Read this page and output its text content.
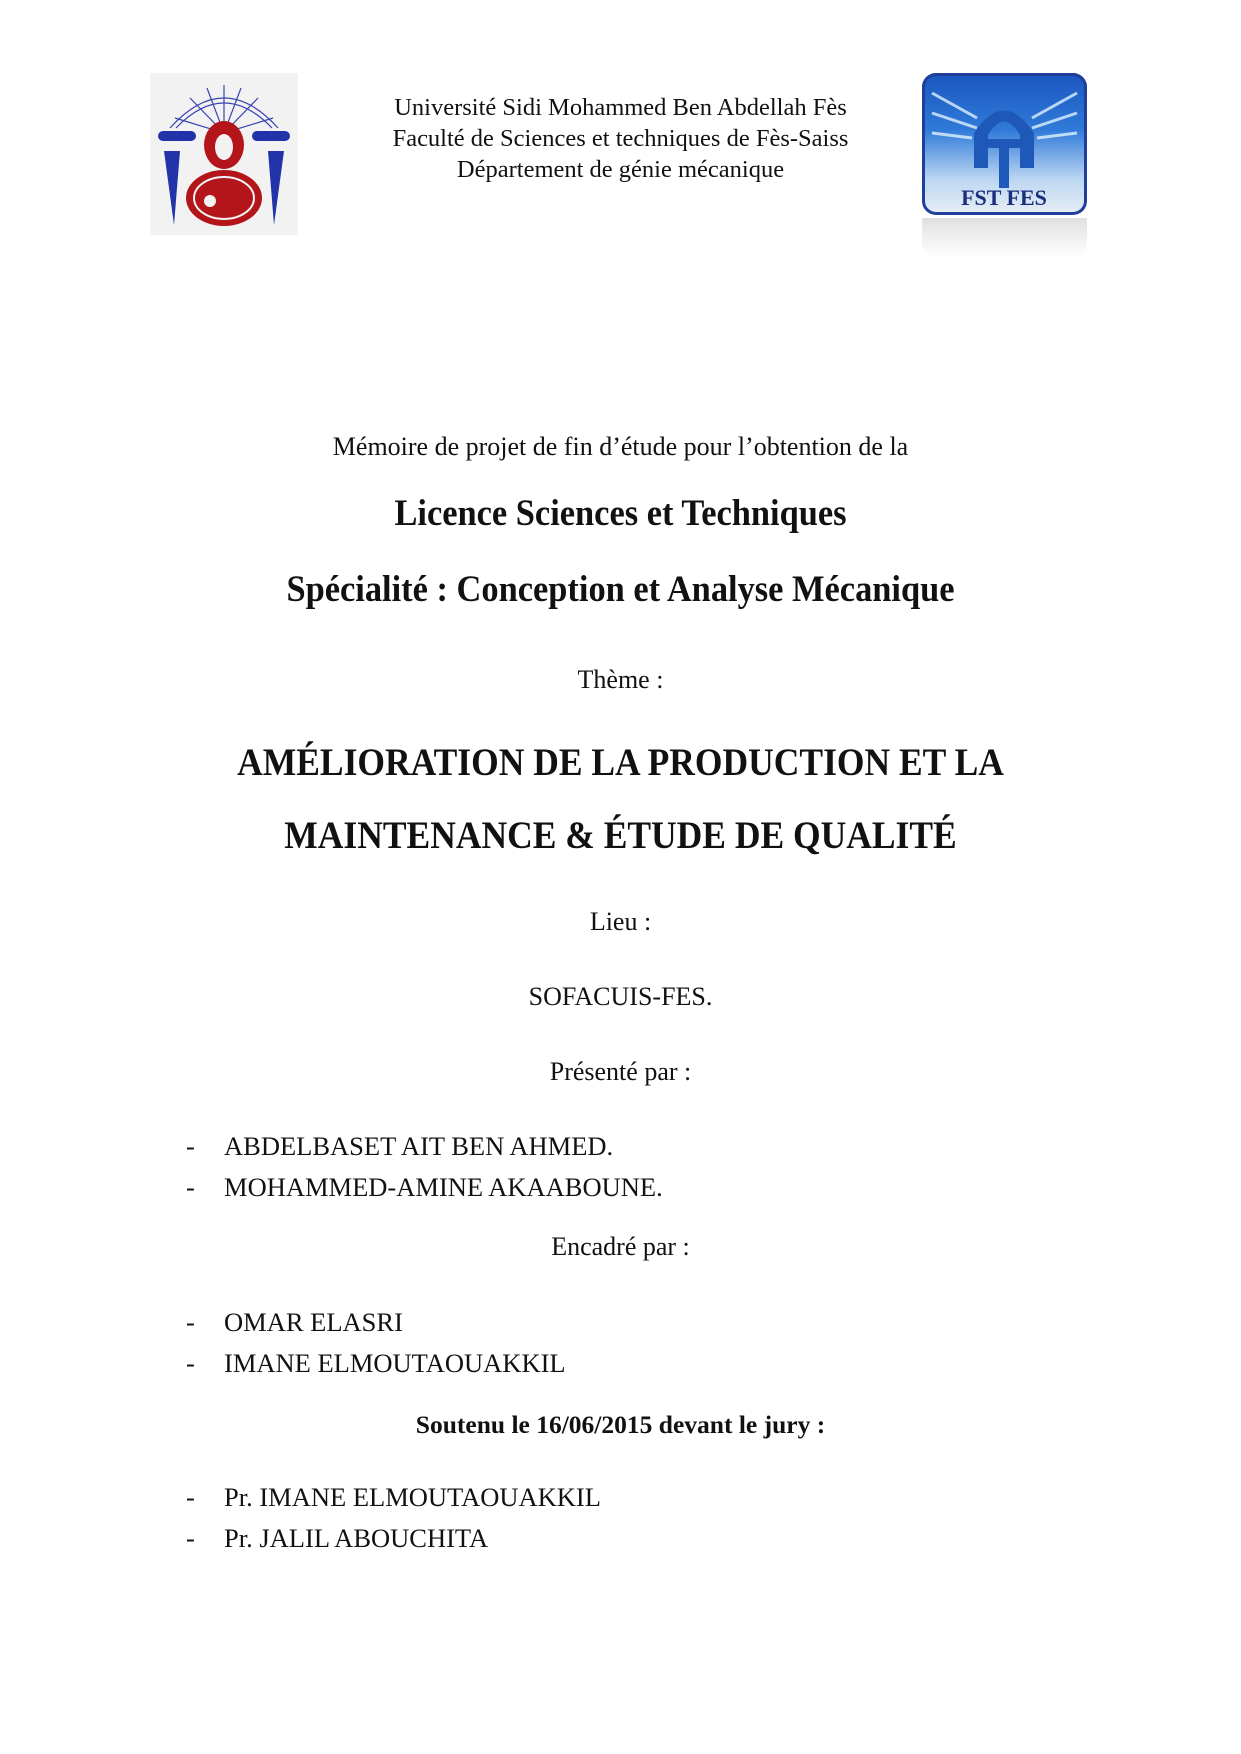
Université Sidi Mohammed Ben Abdellah Fès
Faculté de Sciences et techniques de Fès-Saiss
Département de génie mécanique
FST FES
Mémoire de projet de fin d’étude pour l’obtention de la
Licence Sciences et Techniques
Spécialité : Conception et Analyse Mécanique
Thème :
AMÉLIORATION DE LA PRODUCTION ET LA
MAINTENANCE & ÉTUDE DE QUALITÉ
Lieu :
SOFACUIS-FES.
Présenté par :
- ABDELBASET AIT BEN AHMED.
- MOHAMMED-AMINE AKAABOUNE.
Encadré par :
- OMAR ELASRI
- IMANE ELMOUTAOUAKKIL
Soutenu le 16/06/2015 devant le jury :
- Pr. IMANE ELMOUTAOUAKKIL
- Pr. JALIL ABOUCHITA
